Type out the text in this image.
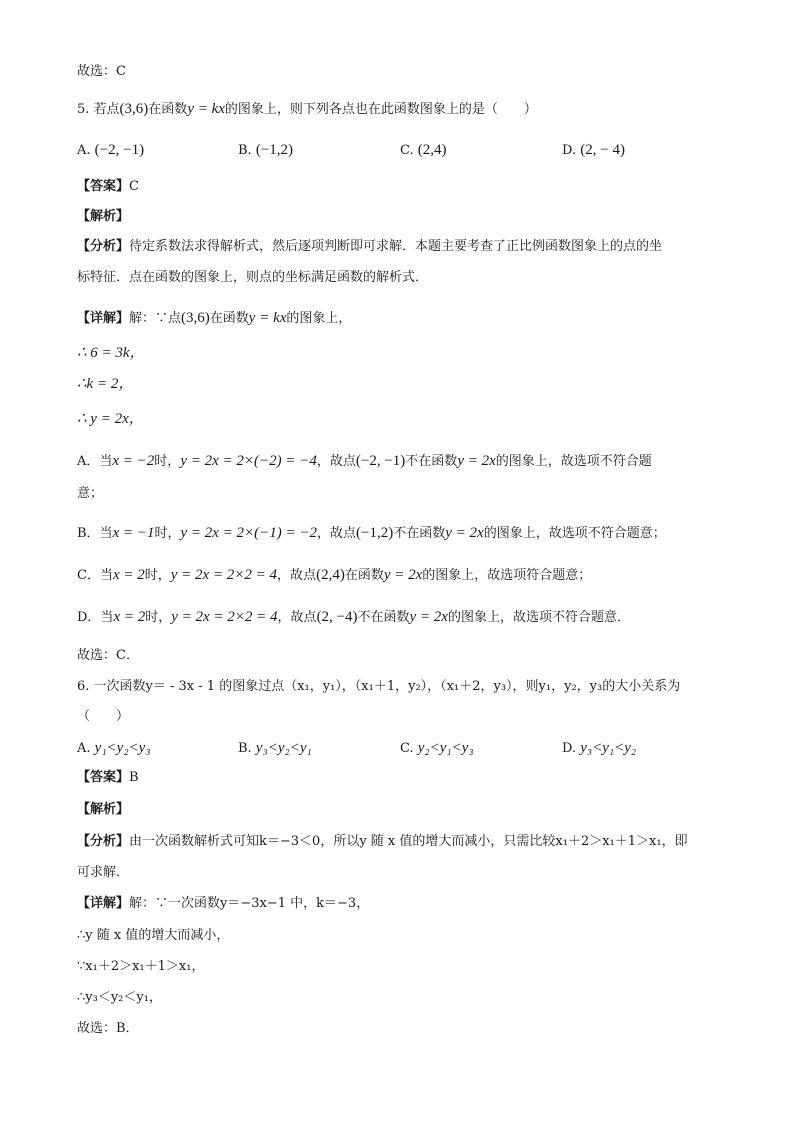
故选：C
5. 若点(3,6)在函数y = kx的图象上，则下列各点也在此函数图象上的是（　　）
A. (−2, −1)	B. (−1,2)	C. (2,4)	D. (2, − 4)
【答案】C
【解析】
【分析】待定系数法求得解析式，然后逐项判断即可求解．本题主要考查了正比例函数图象上的点的坐
标特征．点在函数的图象上，则点的坐标满足函数的解析式．
【详解】解：∵点(3,6)在函数y = kx的图象上，
∴ 6 = 3k，
∴k = 2，
∴ y = 2x，
A．当x = −2时，y = 2x = 2×(−2) = −4，故点(−2, −1)不在函数y = 2x的图象上，故选项不符合题
意；
B．当x = −1时，y = 2x = 2×(−1) = −2，故点(−1,2)不在函数y = 2x的图象上，故选项不符合题意；
C．当x = 2时，y = 2x = 2×2 = 4，故点(2,4)在函数y = 2x的图象上，故选项符合题意；
D．当x = 2时，y = 2x = 2×2 = 4，故点(2, −4)不在函数y = 2x的图象上，故选项不符合题意．
故选：C．
6. 一次函数y＝ - 3x - 1 的图象过点（x₁，y₁），（x₁＋1，y₂），（x₁＋2，y₃），则y₁，y₂，y₃的大小关系为
（　　）
A. y₁<y₂<y₃	B. y₃<y₂<y₁	C. y₂<y₁<y₃	D. y₃<y₁<y₂
【答案】B
【解析】
【分析】由一次函数解析式可知k＝−3＜0，所以y 随 x 值的增大而减小，只需比较x₁＋2＞x₁＋1＞x₁，即
可求解．
【详解】解：∵一次函数y＝−3x−1 中，k＝−3，
∴y 随 x 值的增大而减小，
∵x₁＋2＞x₁＋1＞x₁，
∴y₃＜y₂＜y₁，
故选：B．
